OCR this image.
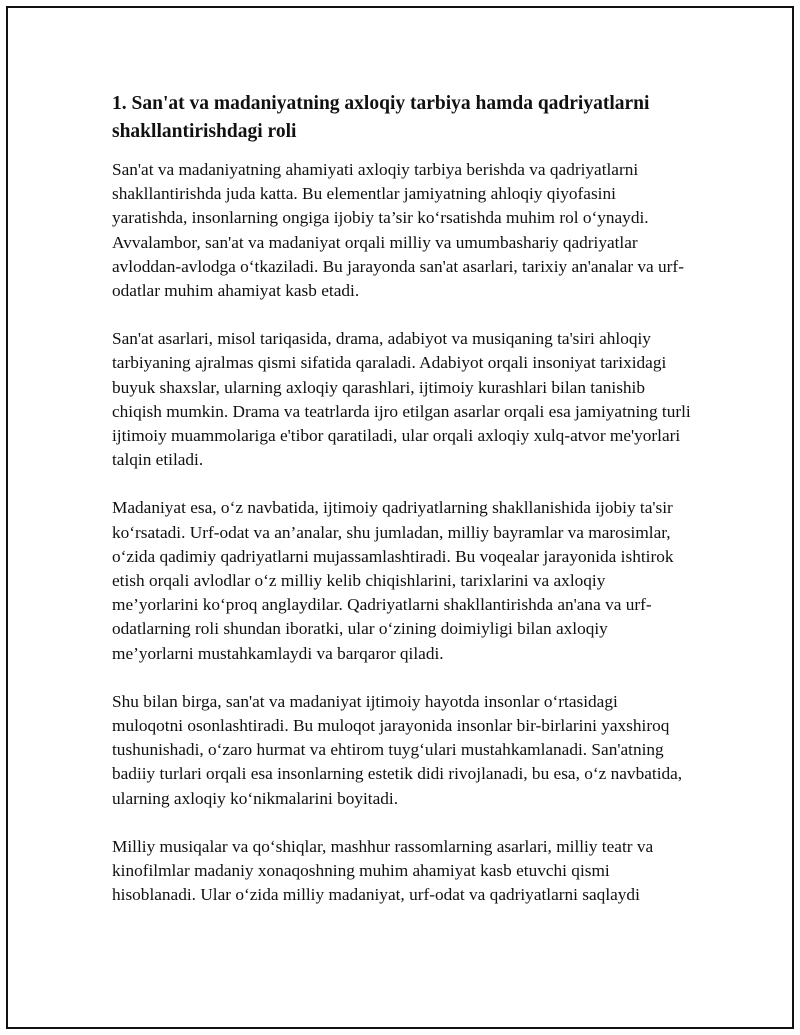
1. San'at va madaniyatning axloqiy tarbiya hamda qadriyatlarni shakllantirishdagi roli

San'at va madaniyatning ahamiyati axloqiy tarbiya berishda va qadriyatlarni shakllantirishda juda katta. Bu elementlar jamiyatning ahloqiy qiyofasini yaratishda, insonlarning ongiga ijobiy ta’sir ko‘rsatishda muhim rol o‘ynaydi. Avvalambor, san'at va madaniyat orqali milliy va umumbashariy qadriyatlar avloddan-avlodga o‘tkaziladi. Bu jarayonda san'at asarlari, tarixiy an'analar va urf-odatlar muhim ahamiyat kasb etadi.

San'at asarlari, misol tariqasida, drama, adabiyot va musiqaning ta'siri ahloqiy tarbiyaning ajralmas qismi sifatida qaraladi. Adabiyot orqali insoniyat tarixidagi buyuk shaxslar, ularning axloqiy qarashlari, ijtimoiy kurashlari bilan tanishib chiqish mumkin. Drama va teatrlarda ijro etilgan asarlar orqali esa jamiyatning turli ijtimoiy muammolariga e'tibor qaratiladi, ular orqali axloqiy xulq-atvor me'yorlari talqin etiladi.

Madaniyat esa, o‘z navbatida, ijtimoiy qadriyatlarning shakllanishida ijobiy ta'sir ko‘rsatadi. Urf-odat va an’analar, shu jumladan, milliy bayramlar va marosimlar, o‘zida qadimiy qadriyatlarni mujassamlashtiradi. Bu voqealar jarayonida ishtirok etish orqali avlodlar o‘z milliy kelib chiqishlarini, tarixlarini va axloqiy me’yorlarini ko‘proq anglaydilar. Qadriyatlarni shakllantirishda an'ana va urf-odatlarning roli shundan iboratki, ular o‘zining doimiyligi bilan axloqiy me’yorlarni mustahkamlaydi va barqaror qiladi.

Shu bilan birga, san'at va madaniyat ijtimoiy hayotda insonlar o‘rtasidagi muloqotni osonlashtiradi. Bu muloqot jarayonida insonlar bir-birlarini yaxshiroq tushunishadi, o‘zaro hurmat va ehtirom tuyg‘ulari mustahkamlanadi. San'atning badiiy turlari orqali esa insonlarning estetik didi rivojlanadi, bu esa, o‘z navbatida, ularning axloqiy ko‘nikmalarini boyitadi.

Milliy musiqalar va qo‘shiqlar, mashhur rassomlarning asarlari, milliy teatr va kinofilmlar madaniy xonaqoshning muhim ahamiyat kasb etuvchi qismi hisoblanadi. Ular o‘zida milliy madaniyat, urf-odat va qadriyatlarni saqlaydi
